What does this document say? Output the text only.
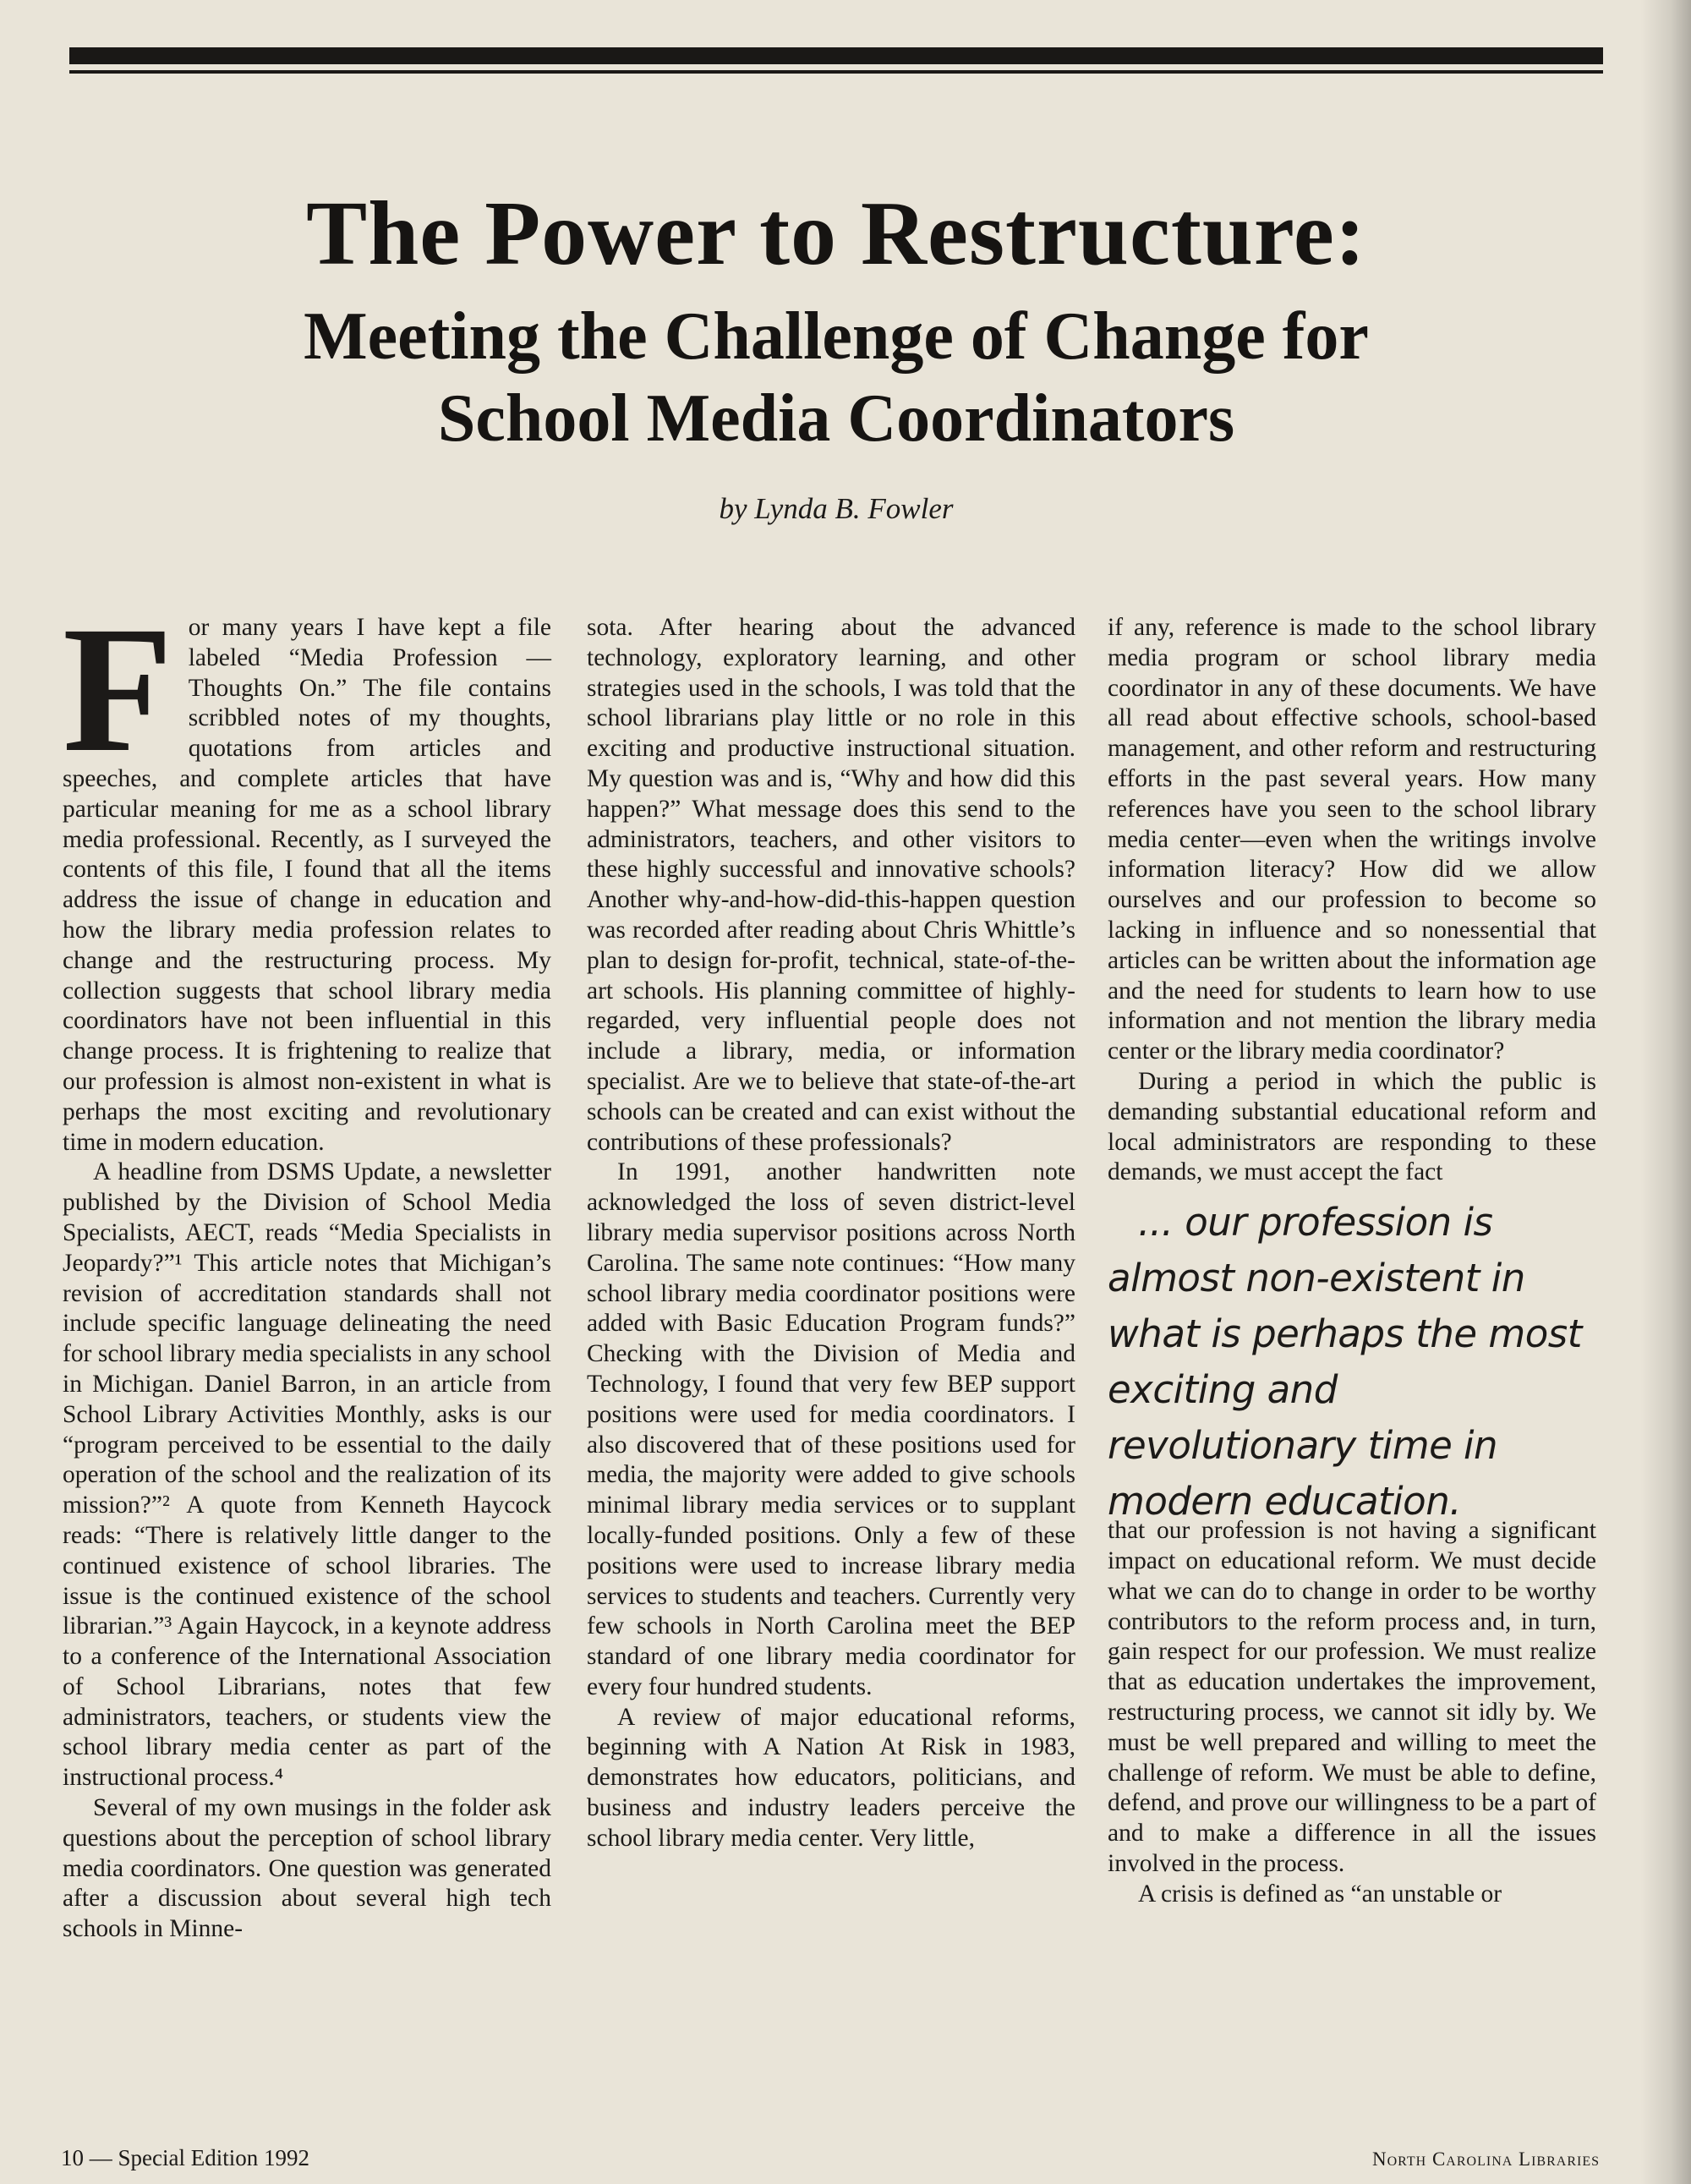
The Power to Restructure:
Meeting the Challenge of Change for
School Media Coordinators
by Lynda B. Fowler
F or many years I have kept a file labeled “Media Profession — Thoughts On.” The file contains scribbled notes of my thoughts, quotations from articles and speeches, and complete articles that have particular meaning for me as a school library media professional. Recently, as I surveyed the contents of this file, I found that all the items address the issue of change in education and how the library media profession relates to change and the restructuring process. My collection suggests that school library media coordinators have not been influential in this change process. It is frightening to realize that our profession is almost non-existent in what is perhaps the most exciting and revolutionary time in modern education.

A headline from DSMS Update, a newsletter published by the Division of School Media Specialists, AECT, reads “Media Specialists in Jeopardy?”¹ This article notes that Michigan’s revision of accreditation standards shall not include specific language delineating the need for school library media specialists in any school in Michigan. Daniel Barron, in an article from School Library Activities Monthly, asks is our “program perceived to be essential to the daily operation of the school and the realization of its mission?”² A quote from Kenneth Haycock reads: “There is relatively little danger to the continued existence of school libraries. The issue is the continued existence of the school librarian.”³ Again Haycock, in a keynote address to a conference of the International Association of School Librarians, notes that few administrators, teachers, or students view the school library media center as part of the instructional process.⁴

Several of my own musings in the folder ask questions about the perception of school library media coordinators. One question was generated after a discussion about several high tech schools in Minne-

sota. After hearing about the advanced technology, exploratory learning, and other strategies used in the schools, I was told that the school librarians play little or no role in this exciting and productive instructional situation. My question was and is, “Why and how did this happen?” What message does this send to the administrators, teachers, and other visitors to these highly successful and innovative schools? Another why-and-how-did-this-happen question was recorded after reading about Chris Whittle’s plan to design for-profit, technical, state-of-the-art schools. His planning committee of highly-regarded, very influential people does not include a library, media, or information specialist. Are we to believe that state-of-the-art schools can be created and can exist without the contributions of these professionals?

In 1991, another handwritten note acknowledged the loss of seven district-level library media supervisor positions across North Carolina. The same note continues: “How many school library media coordinator positions were added with Basic Education Program funds?” Checking with the Division of Media and Technology, I found that very few BEP support positions were used for media coordinators. I also discovered that of these positions used for media, the majority were added to give schools minimal library media services or to supplant locally-funded positions. Only a few of these positions were used to increase library media services to students and teachers. Currently very few schools in North Carolina meet the BEP standard of one library media coordinator for every four hundred students.

A review of major educational reforms, beginning with A Nation At Risk in 1983, demonstrates how educators, politicians, and business and industry leaders perceive the school library media center. Very little,

if any, reference is made to the school library media program or school library media coordinator in any of these documents. We have all read about effective schools, school-based management, and other reform and restructuring efforts in the past several years. How many references have you seen to the school library media center—even when the writings involve information literacy? How did we allow ourselves and our profession to become so lacking in influence and so nonessential that articles can be written about the information age and the need for students to learn how to use information and not mention the library media center or the library media coordinator?

During a period in which the public is demanding substantial educational reform and local administrators are responding to these demands, we must accept the fact

... our profession is almost non-existent in what is perhaps the most exciting and revolutionary time in modern education.

that our profession is not having a significant impact on educational reform. We must decide what we can do to change in order to be worthy contributors to the reform process and, in turn, gain respect for our profession. We must realize that as education undertakes the improvement, restructuring process, we cannot sit idly by. We must be well prepared and willing to meet the challenge of reform. We must be able to define, defend, and prove our willingness to be a part of and to make a difference in all the issues involved in the process.

A crisis is defined as “an unstable or

10 — Special Edition 1992	North Carolina Libraries
